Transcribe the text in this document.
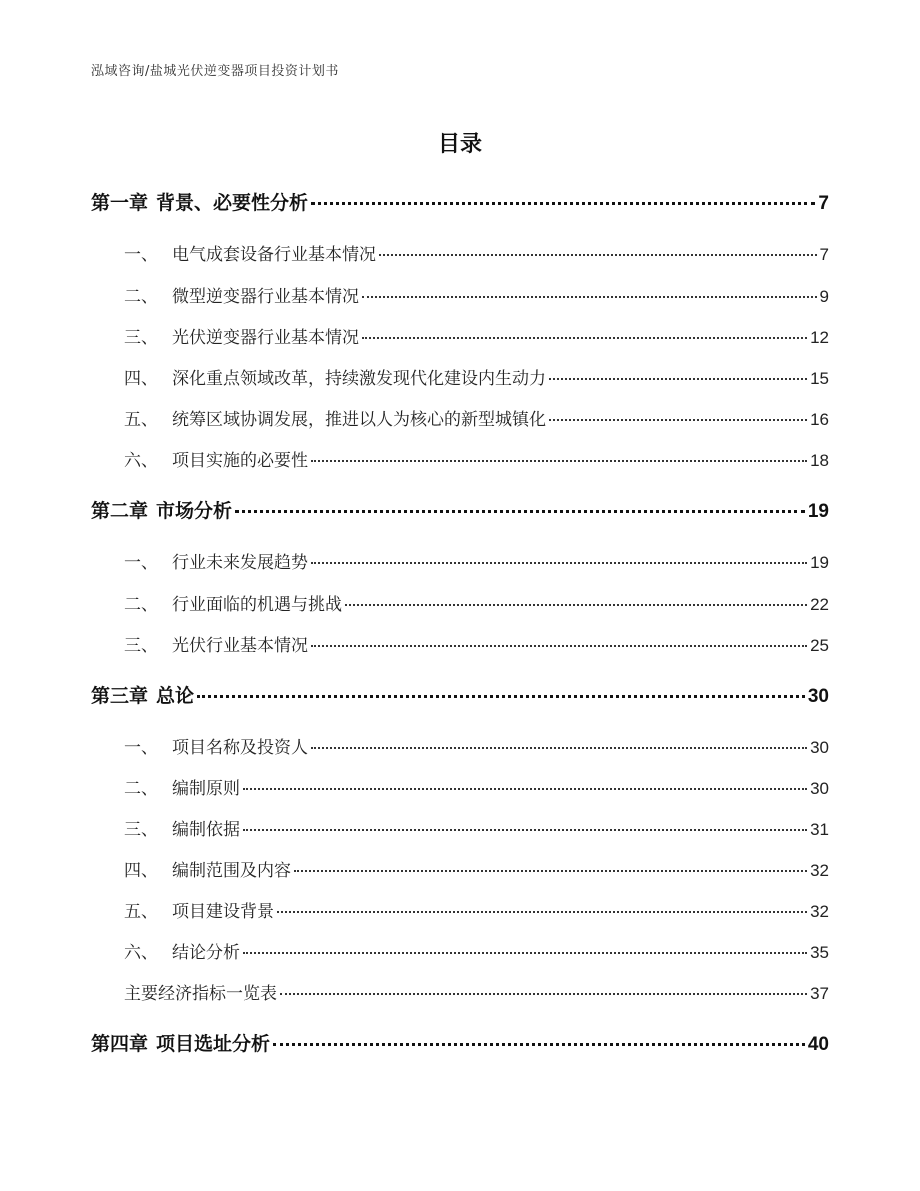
泓域咨询/盐城光伏逆变器项目投资计划书
目录
第一章 背景、必要性分析	7
一、 电气成套设备行业基本情况	7
二、 微型逆变器行业基本情况	9
三、 光伏逆变器行业基本情况	12
四、 深化重点领域改革，持续激发现代化建设内生动力	15
五、 统筹区域协调发展，推进以人为核心的新型城镇化	16
六、 项目实施的必要性	18
第二章 市场分析	19
一、 行业未来发展趋势	19
二、 行业面临的机遇与挑战	22
三、 光伏行业基本情况	25
第三章 总论	30
一、 项目名称及投资人	30
二、 编制原则	30
三、 编制依据	31
四、 编制范围及内容	32
五、 项目建设背景	32
六、 结论分析	35
主要经济指标一览表	37
第四章 项目选址分析	40
